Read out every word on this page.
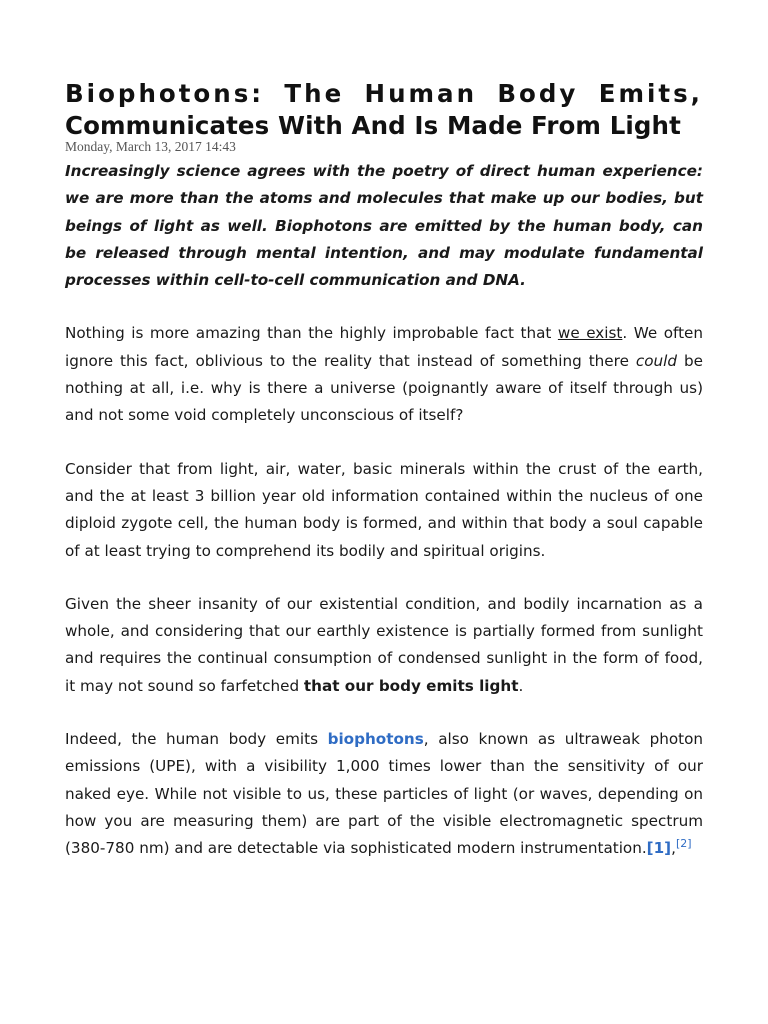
Biophotons: The Human Body Emits,
Communicates With And Is Made From Light
Monday, March 13, 2017 14:43

Increasingly science agrees with the poetry of direct human experience: we are more than the atoms and molecules that make up our bodies, but beings of light as well. Biophotons are emitted by the human body, can be released through mental intention, and may modulate fundamental processes within cell-to-cell communication and DNA.

Nothing is more amazing than the highly improbable fact that we exist. We often ignore this fact, oblivious to the reality that instead of something there could be nothing at all, i.e. why is there a universe (poignantly aware of itself through us) and not some void completely unconscious of itself?

Consider that from light, air, water, basic minerals within the crust of the earth, and the at least 3 billion year old information contained within the nucleus of one diploid zygote cell, the human body is formed, and within that body a soul capable of at least trying to comprehend its bodily and spiritual origins.

Given the sheer insanity of our existential condition, and bodily incarnation as a whole, and considering that our earthly existence is partially formed from sunlight and requires the continual consumption of condensed sunlight in the form of food, it may not sound so farfetched that our body emits light.

Indeed, the human body emits biophotons, also known as ultraweak photon emissions (UPE), with a visibility 1,000 times lower than the sensitivity of our naked eye. While not visible to us, these particles of light (or waves, depending on how you are measuring them) are part of the visible electromagnetic spectrum (380-780 nm) and are detectable via sophisticated modern instrumentation.[1],[2]
